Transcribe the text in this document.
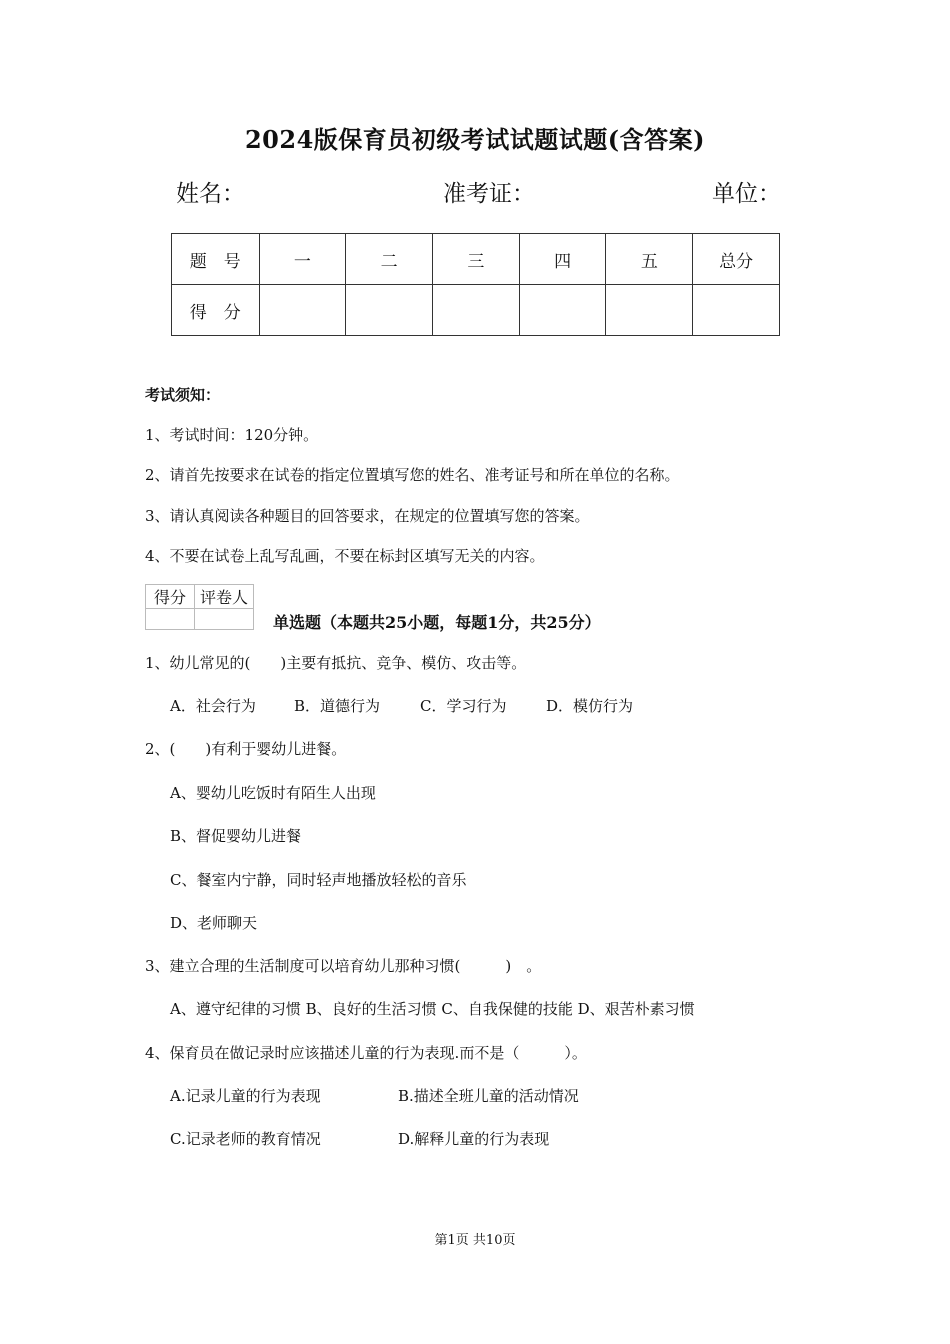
2024版保育员初级考试试题试题(含答案)
姓名：	准考证：	单位：
题　号	一	二	三	四	五	总分
得　分						
考试须知：
1、考试时间：120分钟。
2、请首先按要求在试卷的指定位置填写您的姓名、准考证号和所在单位的名称。
3、请认真阅读各种题目的回答要求，在规定的位置填写您的答案。
4、不要在试卷上乱写乱画，不要在标封区填写无关的内容。
得分	评卷人

单选题（本题共25小题，每题1分，共25分）
1、幼儿常见的(　　)主要有抵抗、竞争、模仿、攻击等。
A．社会行为	B．道德行为	C．学习行为	D．模仿行为
2、(　　)有利于婴幼儿进餐。
A、婴幼儿吃饭时有陌生人出现
B、督促婴幼儿进餐
C、餐室内宁静，同时轻声地播放轻松的音乐
D、老师聊天
3、建立合理的生活制度可以培育幼儿那种习惯(　　　)　。
A、遵守纪律的习惯 B、良好的生活习惯 C、自我保健的技能 D、艰苦朴素习惯
4、保育员在做记录时应该描述儿童的行为表现.而不是（　　　）。
A.记录儿童的行为表现	B.描述全班儿童的活动情况
C.记录老师的教育情况	D.解释儿童的行为表现
第1页 共10页
